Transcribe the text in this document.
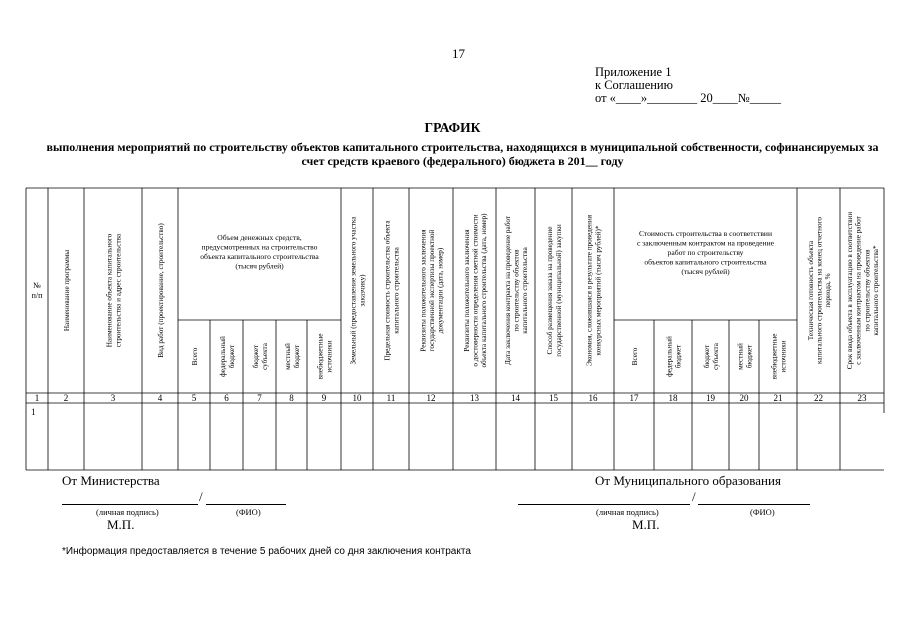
17
Приложение 1
к Соглашению
от «____»________ 20____№_____
ГРАФИК
выполнения мероприятий по строительству объектов капитального строительства, находящихся в муниципальной собственности, софинансируемых за счет средств краевого (федерального) бюджета в 201__ году
№
п/п
1
Наименование программы
2
Наименование объекта капитального строительства и адрес строительства
3
Вид работ (проектирование, строительство)
4
Всего
5
федеральный бюджет
6
бюджет субъекта
7
местный бюджет
8
внебюджетные источники
9
Земельный (предоставление земельного участка заказчику)
10
Предельная стоимость строительства объекта капитального строительства
11
Реквизиты положительного заключения государственной экспертизы проектной документации (дата, номер)
12
Реквизиты положительного заключения о достоверности определения сметной стоимости объекта капитального строительства (дата, номер)
13
Дата заключения контракта на проведение работ по строительству объектов капитального строительства
14
Способ размещения заказа на проведение государственной (муниципальной) закупки
15
Экономия, сложившаяся в результате проведения конкурсных мероприятий (тысяч рублей)*
16
Всего
17
федеральный бюджет
18
бюджет субъекта
19
местный бюджет
20
внебюджетные источники
21
Техническая готовность объекта капитального строительства на конец отчетного периода, %
22
Срок ввода объекта в эксплуатацию в соответствии с заключенным контрактом на проведение работ по строительству объектов капитального строительства*
23
Объем денежных средств,
предусмотренных на строительство
объекта капитального строительства
(тысяч рублей)
Стоимость строительства в соответствии
с заключенным контрактом на проведение
работ по строительству
объектов капитального строительства
(тысяч рублей)
1
От Министерства
/
(личная подпись)	(ФИО)
М.П.
От Муниципального образования
/
(личная подпись)	(ФИО)
М.П.
*Информация предоставляется в течение 5 рабочих дней со дня заключения контракта
